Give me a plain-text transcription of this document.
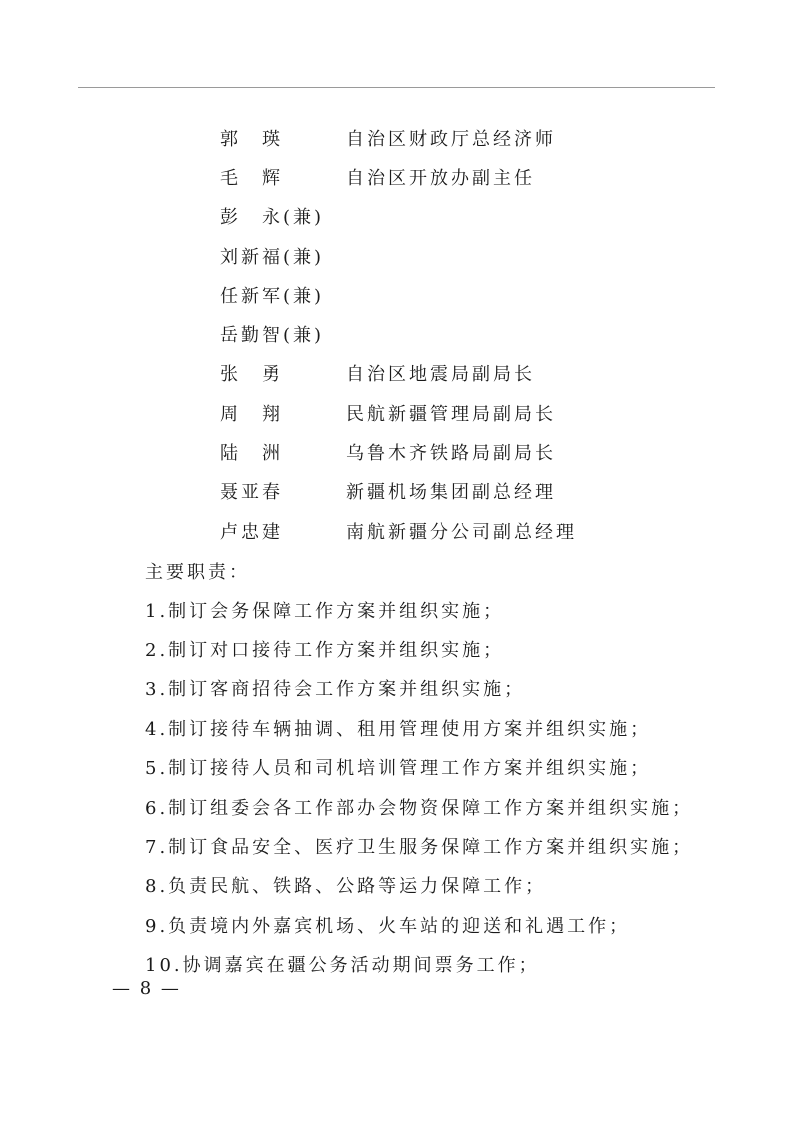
郭　瑛	自治区财政厅总经济师
毛　辉	自治区开放办副主任
彭　永(兼)
刘新福(兼)
任新军(兼)
岳勤智(兼)
张　勇	自治区地震局副局长
周　翔	民航新疆管理局副局长
陆　洲	乌鲁木齐铁路局副局长
聂亚春	新疆机场集团副总经理
卢忠建	南航新疆分公司副总经理
主要职责：
1.制订会务保障工作方案并组织实施；
2.制订对口接待工作方案并组织实施；
3.制订客商招待会工作方案并组织实施；
4.制订接待车辆抽调、租用管理使用方案并组织实施；
5.制订接待人员和司机培训管理工作方案并组织实施；
6.制订组委会各工作部办会物资保障工作方案并组织实施；
7.制订食品安全、医疗卫生服务保障工作方案并组织实施；
8.负责民航、铁路、公路等运力保障工作；
9.负责境内外嘉宾机场、火车站的迎送和礼遇工作；
10.协调嘉宾在疆公务活动期间票务工作；
— 8 —
